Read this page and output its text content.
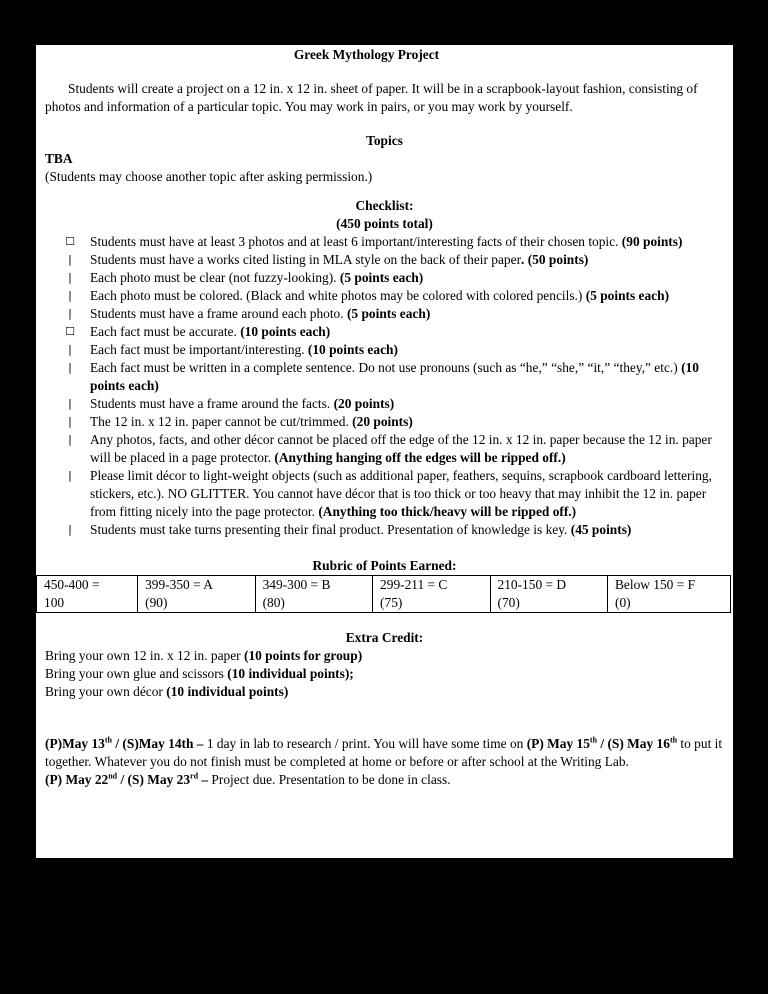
Greek Mythology Project
Students will create a project on a 12 in. x 12 in. sheet of paper. It will be in a scrapbook-layout fashion, consisting of photos and information of a particular topic. You may work in pairs, or you may work by yourself.
Topics
TBA
(Students may choose another topic after asking permission.)
Checklist:
(450 points total)
☐ Students must have at least 3 photos and at least 6 important/interesting facts of their chosen topic. (90 points)
| Students must have a works cited listing in MLA style on the back of their paper. (50 points)
| Each photo must be clear (not fuzzy-looking). (5 points each)
| Each photo must be colored. (Black and white photos may be colored with colored pencils.) (5 points each)
| Students must have a frame around each photo. (5 points each)
☐ Each fact must be accurate. (10 points each)
| Each fact must be important/interesting. (10 points each)
| Each fact must be written in a complete sentence. Do not use pronouns (such as “he,” “she,” “it,” “they,” etc.) (10 points each)
| Students must have a frame around the facts. (20 points)
| The 12 in. x 12 in. paper cannot be cut/trimmed. (20 points)
| Any photos, facts, and other décor cannot be placed off the edge of the 12 in. x 12 in. paper because the 12 in. paper will be placed in a page protector. (Anything hanging off the edges will be ripped off.)
| Please limit décor to light-weight objects (such as additional paper, feathers, sequins, scrapbook cardboard lettering, stickers, etc.). NO GLITTER. You cannot have décor that is too thick or too heavy that may inhibit the 12 in. paper from fitting nicely into the page protector. (Anything too thick/heavy will be ripped off.)
| Students must take turns presenting their final product. Presentation of knowledge is key. (45 points)
Rubric of Points Earned:
450-400 =
100

399-350 = A
(90)

349-300 = B
(80)

299-211 = C
(75)

210-150 = D
(70)

Below 150 = F
(0)
Extra Credit:
Bring your own 12 in. x 12 in. paper (10 points for group)
Bring your own glue and scissors (10 individual points);
Bring your own décor (10 individual points)
(P)May 13th / (S)May 14th – 1 day in lab to research / print. You will have some time on (P) May 15th / (S) May 16th to put it together. Whatever you do not finish must be completed at home or before or after school at the Writing Lab.
(P) May 22nd / (S) May 23rd – Project due. Presentation to be done in class.
